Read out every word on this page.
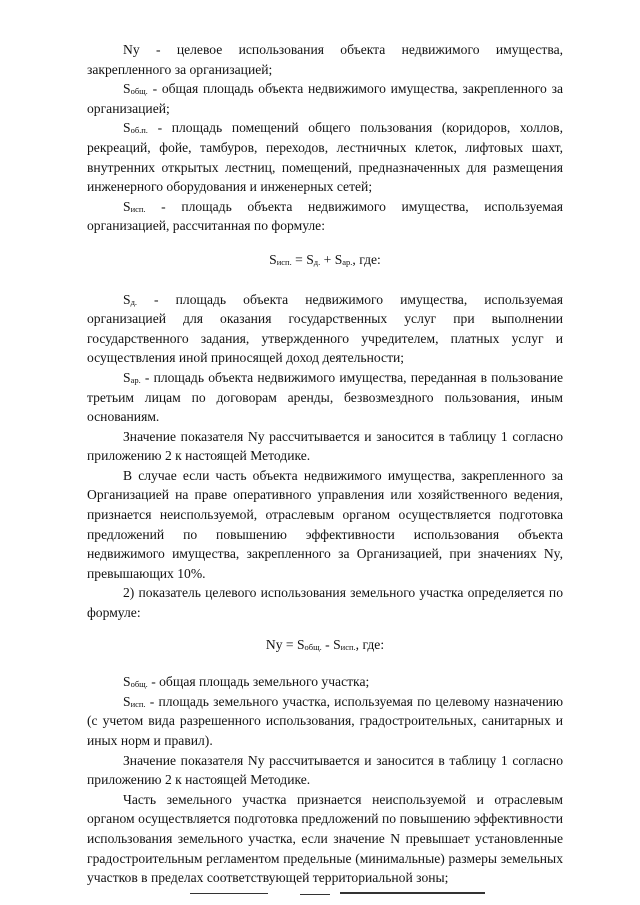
Ny - целевое использования объекта недвижимого имущества, закрепленного за организацией;

$S_{общ.}$ - общая площадь объекта недвижимого имущества, закрепленного за организацией;

$S_{об.п.}$ - площадь помещений общего пользования (коридоров, холлов, рекреаций, фойе, тамбуров, переходов, лестничных клеток, лифтовых шахт, внутренних открытых лестниц, помещений, предназначенных для размещения инженерного оборудования и инженерных сетей;

$S_{исп.}$ - площадь объекта недвижимого имущества, используемая организацией, рассчитанная по формуле:

$S_{исп.} = S_{д.} + S_{ар.}$, где:

$S_{д.}$ - площадь объекта недвижимого имущества, используемая организацией для оказания государственных услуг при выполнении государственного задания, утвержденного учредителем, платных услуг и осуществления иной приносящей доход деятельности;

$S_{ар.}$ - площадь объекта недвижимого имущества, переданная в пользование третьим лицам по договорам аренды, безвозмездного пользования, иным основаниям.

Значение показателя Ny рассчитывается и заносится в таблицу 1 согласно приложению 2 к настоящей Методике.

В случае если часть объекта недвижимого имущества, закрепленного за Организацией на праве оперативного управления или хозяйственного ведения, признается неиспользуемой, отраслевым органом осуществляется подготовка предложений по повышению эффективности использования объекта недвижимого имущества, закрепленного за Организацией, при значениях Ny, превышающих 10%.

2) показатель целевого использования земельного участка определяется по формуле:

$Ny = S_{общ.} - S_{исп.}$, где:

$S_{общ.}$ - общая площадь земельного участка;

$S_{исп.}$ - площадь земельного участка, используемая по целевому назначению (с учетом вида разрешенного использования, градостроительных, санитарных и иных норм и правил).

Значение показателя Ny рассчитывается и заносится в таблицу 1 согласно приложению 2 к настоящей Методике.

Часть земельного участка признается неиспользуемой и отраслевым органом осуществляется подготовка предложений по повышению эффективности использования земельного участка, если значение N превышает установленные градостроительным регламентом предельные (минимальные) размеры земельных участков в пределах соответствующей территориальной зоны;
